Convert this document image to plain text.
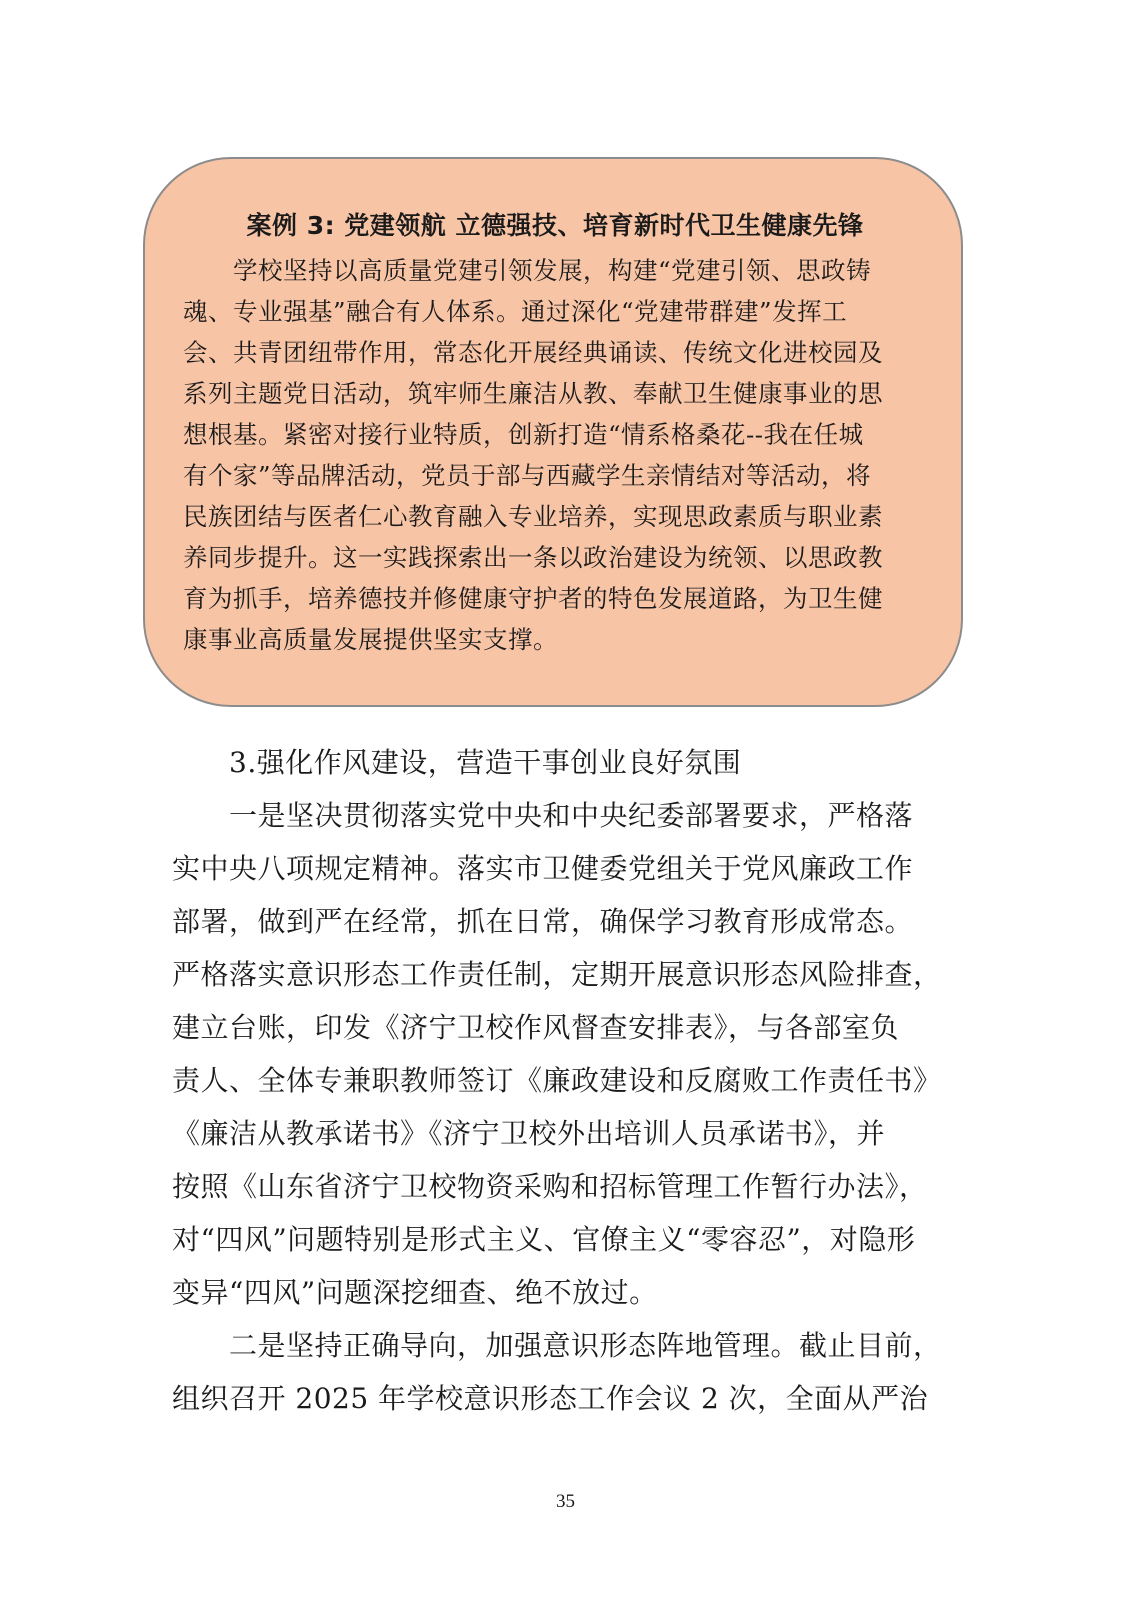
案例 3: 党建领航 立德强技、培育新时代卫生健康先锋
　　学校坚持以高质量党建引领发展，构建“党建引领、思政铸
魂、专业强基”融合有人体系。通过深化“党建带群建”发挥工
会、共青团纽带作用，常态化开展经典诵读、传统文化进校园及
系列主题党日活动，筑牢师生廉洁从教、奉献卫生健康事业的思
想根基。紧密对接行业特质，创新打造“情系格桑花--我在任城
有个家”等品牌活动，党员于部与西藏学生亲情结对等活动，将
民族团结与医者仁心教育融入专业培养，实现思政素质与职业素
养同步提升。这一实践探索出一条以政治建设为统领、以思政教
育为抓手，培养德技并修健康守护者的特色发展道路，为卫生健
康事业高质量发展提供坚实支撑。
　　3.强化作风建设，营造干事创业良好氛围
　　一是坚决贯彻落实党中央和中央纪委部署要求，严格落
实中央八项规定精神。落实市卫健委党组关于党风廉政工作
部署，做到严在经常，抓在日常，确保学习教育形成常态。
严格落实意识形态工作责任制，定期开展意识形态风险排查，
建立台账，印发《济宁卫校作风督查安排表》，与各部室负
责人、全体专兼职教师签订《廉政建设和反腐败工作责任书》
《廉洁从教承诺书》《济宁卫校外出培训人员承诺书》，并
按照《山东省济宁卫校物资采购和招标管理工作暂行办法》，
对“四风”问题特别是形式主义、官僚主义“零容忍”，对隐形
变异“四风”问题深挖细查、绝不放过。
　　二是坚持正确导向，加强意识形态阵地管理。截止目前，
组织召开 2025 年学校意识形态工作会议 2 次，全面从严治
35
